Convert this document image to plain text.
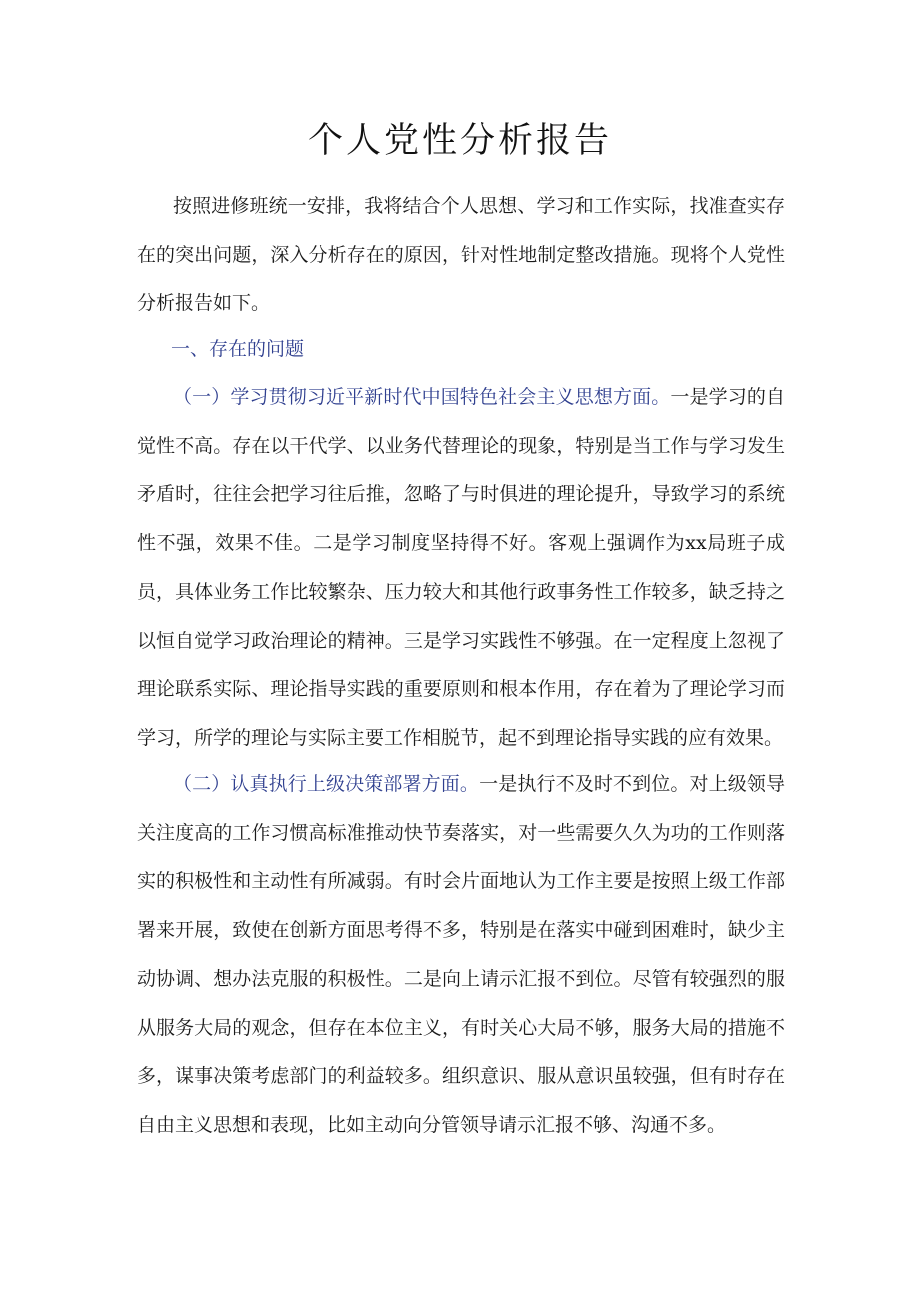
个人党性分析报告

按照进修班统一安排，我将结合个人思想、学习和工作实际，找准查实存在的突出问题，深入分析存在的原因，针对性地制定整改措施。现将个人党性分析报告如下。

一、存在的问题

（一）学习贯彻习近平新时代中国特色社会主义思想方面。一是学习的自觉性不高。存在以干代学、以业务代替理论的现象，特别是当工作与学习发生矛盾时，往往会把学习往后推，忽略了与时俱进的理论提升，导致学习的系统性不强，效果不佳。二是学习制度坚持得不好。客观上强调作为xx局班子成员，具体业务工作比较繁杂、压力较大和其他行政事务性工作较多，缺乏持之以恒自觉学习政治理论的精神。三是学习实践性不够强。在一定程度上忽视了理论联系实际、理论指导实践的重要原则和根本作用，存在着为了理论学习而学习，所学的理论与实际主要工作相脱节，起不到理论指导实践的应有效果。

（二）认真执行上级决策部署方面。一是执行不及时不到位。对上级领导关注度高的工作习惯高标准推动快节奏落实，对一些需要久久为功的工作则落实的积极性和主动性有所减弱。有时会片面地认为工作主要是按照上级工作部署来开展，致使在创新方面思考得不多，特别是在落实中碰到困难时，缺少主动协调、想办法克服的积极性。二是向上请示汇报不到位。尽管有较强烈的服从服务大局的观念，但存在本位主义，有时关心大局不够，服务大局的措施不多，谋事决策考虑部门的利益较多。组织意识、服从意识虽较强，但有时存在自由主义思想和表现，比如主动向分管领导请示汇报不够、沟通不多。
